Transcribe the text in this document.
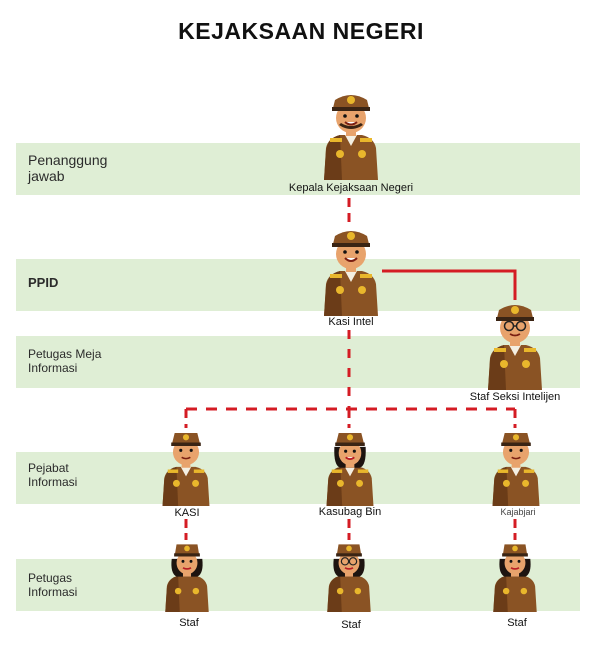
KEJAKSAAN NEGERI
Penanggung
jawab
PPID
Petugas Meja
Informasi
Pejabat
Informasi
Petugas
Informasi
Kepala Kejaksaan Negeri
Kasi Intel
Staf Seksi Intelijen
KASI	Kasubag Bin	Kajabjari
Staf	Staf	Staf
